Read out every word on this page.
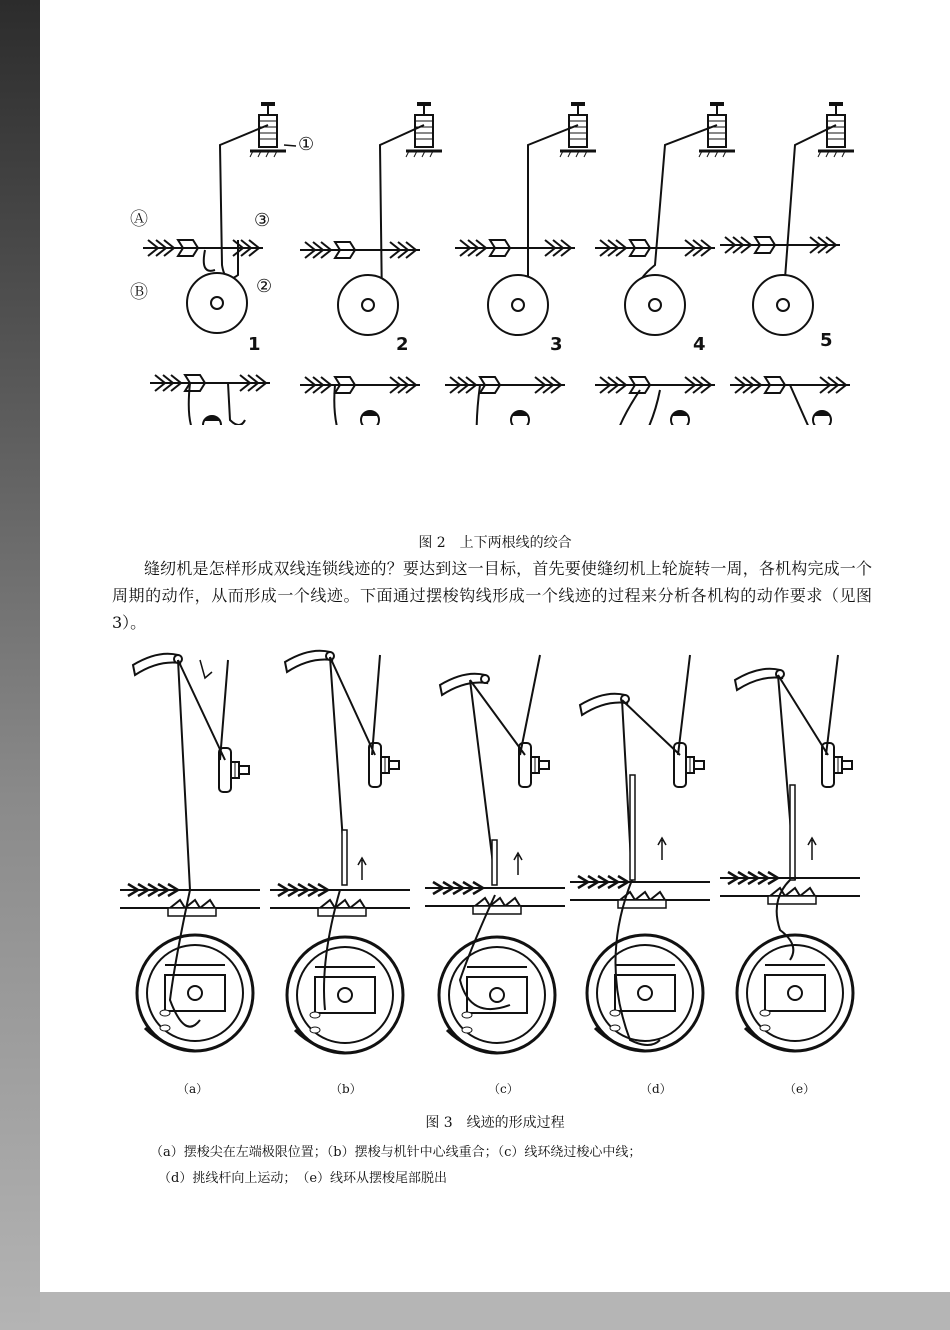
①
②
③
Ⓐ
Ⓑ
1	2	3	4	5
图 2　上下两根线的绞合

缝纫机是怎样形成双线连锁线迹的？要达到这一目标，首先要使缝纫机上轮旋转一周，各机构完成一个周期的动作，从而形成一个线迹。下面通过摆梭钩线形成一个线迹的过程来分析各机构的动作要求（见图 3）。

（a）	（b）	（c）	（d）	（e）
图 3　线迹的形成过程
（a）摆梭尖在左端极限位置；（b）摆梭与机针中心线重合；（c）线环绕过梭心中线；
（d）挑线杆向上运动；　（e）线环从摆梭尾部脱出
